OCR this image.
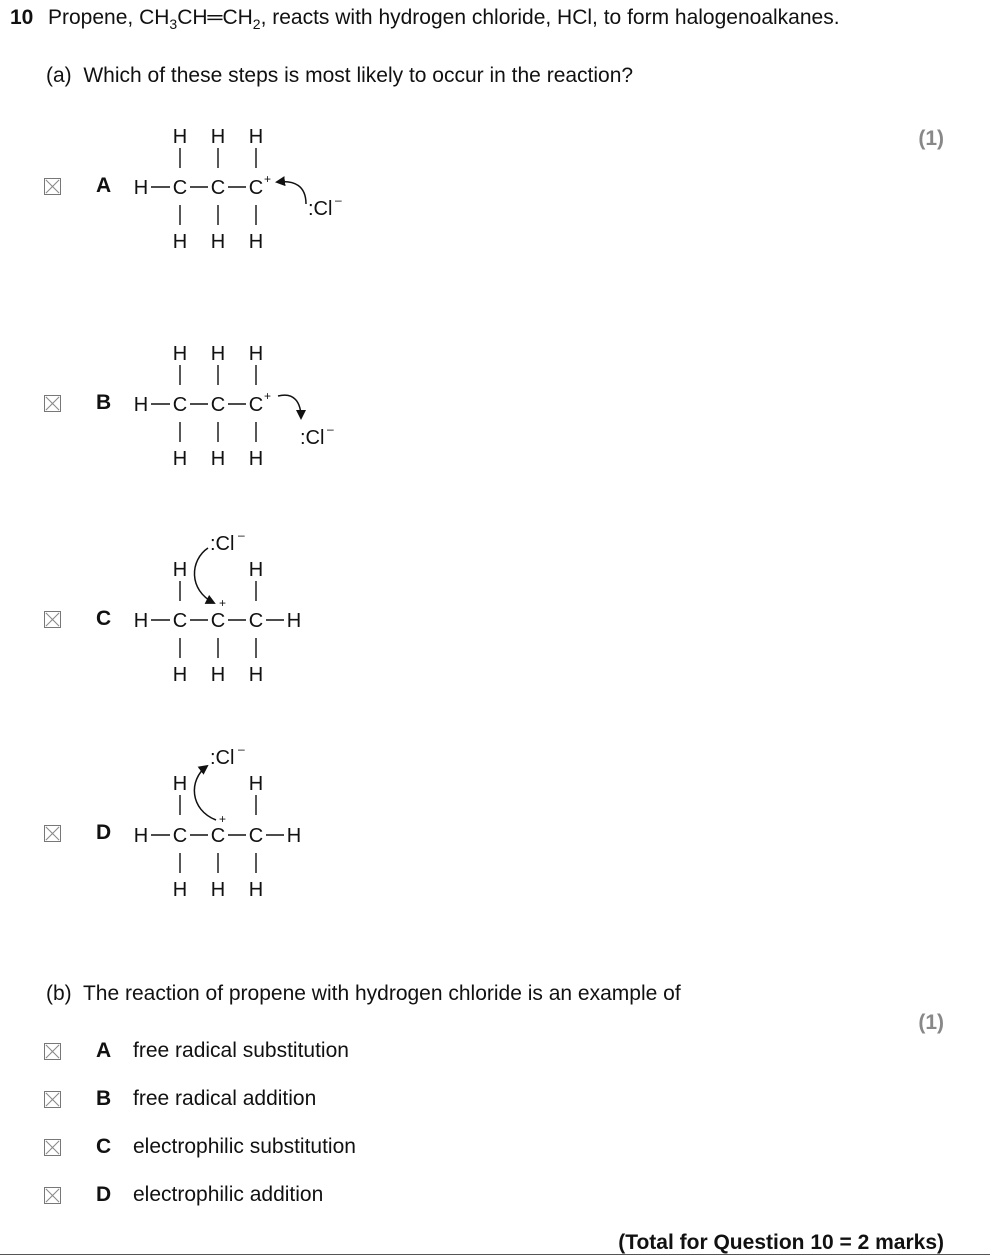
10 Propene, $CH_3CH═CH_2$, reacts with hydrogen chloride, HCl, to form halogenoalkanes.
(a) Which of these steps is most likely to occur in the reaction?
(1)
A
B
C
D
H H H
H C C C +
H H H
:Cl –
H H H
H C C C +
H H H
:Cl –
:Cl –
H	H
+
H C C C H
H H H
:Cl –
H	H
+
H C C C H
H H H
(b) The reaction of propene with hydrogen chloride is an example of
(1)
A free radical substitution
B free radical addition
C electrophilic substitution
D electrophilic addition
(Total for Question 10 = 2 marks)
